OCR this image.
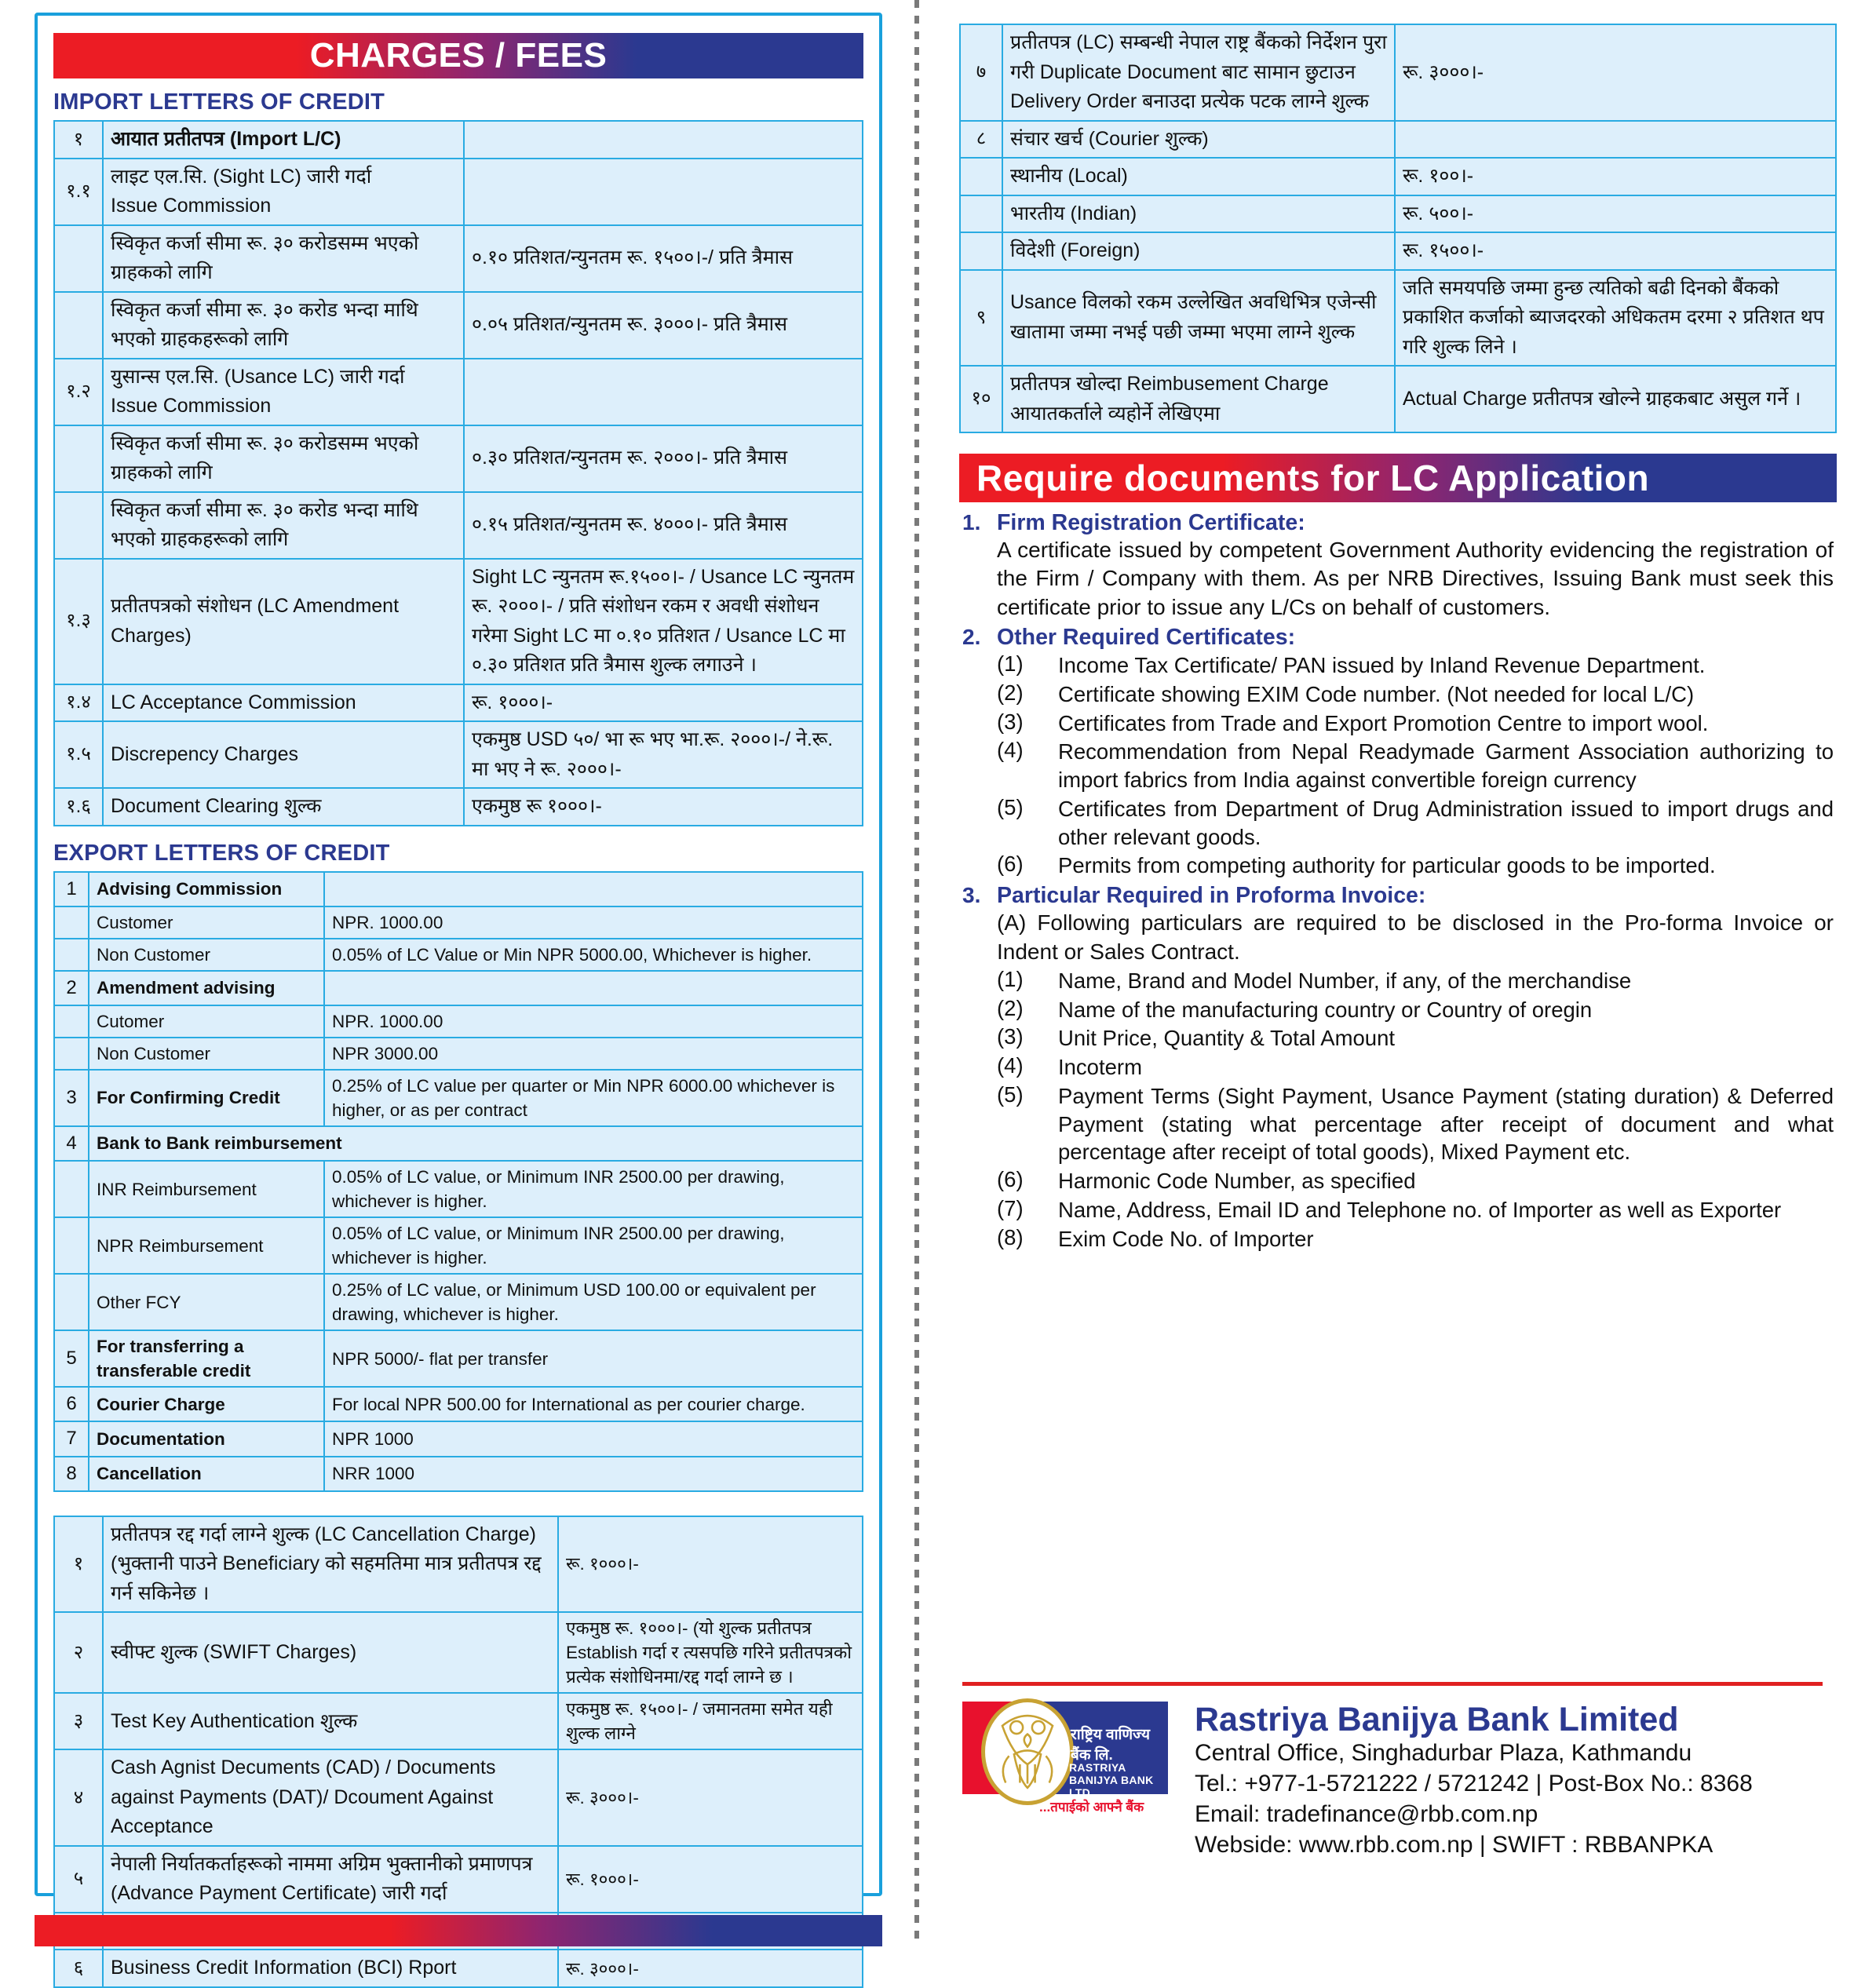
CHARGES / FEES
IMPORT LETTERS OF CREDIT
१	आयात प्रतीतपत्र (Import L/C)	
१.१	लाइट एल.सि. (Sight LC) जारी गर्दा
Issue Commission	
	स्विकृत कर्जा सीमा रू. ३० करोडसम्म भएको ग्राहकको लागि	०.१० प्रतिशत/न्युनतम रू. १५००।-/ प्रति त्रैमास
	स्विकृत कर्जा सीमा रू. ३० करोड भन्दा माथि भएको ग्राहकहरूको लागि	०.०५ प्रतिशत/न्युनतम रू. ३०००।- प्रति त्रैमास
१.२	युसान्स एल.सि. (Usance LC) जारी गर्दा
Issue Commission	
	स्विकृत कर्जा सीमा रू. ३० करोडसम्म भएको ग्राहकको लागि	०.३० प्रतिशत/न्युनतम रू. २०००।- प्रति त्रैमास
	स्विकृत कर्जा सीमा रू. ३० करोड भन्दा माथि भएको ग्राहकहरूको लागि	०.१५ प्रतिशत/न्युनतम रू. ४०००।- प्रति त्रैमास
१.३	प्रतीतपत्रको संशोधन (LC Amendment Charges)	Sight LC न्युनतम रू.१५००।- / Usance LC न्युनतम रू. २०००।- / प्रति संशोधन रकम र अवधी संशोधन गरेमा Sight LC मा ०.१० प्रतिशत / Usance LC मा ०.३० प्रतिशत प्रति त्रैमास शुल्क लगाउने ।
१.४	LC Acceptance Commission	रू. १०००।-
१.५	Discrepency Charges	एकमुष्ठ USD ५०/ भा रू भए भा.रू. २०००।-/ ने.रू. मा भए ने रू. २०००।-
१.६	Document Clearing शुल्क	एकमुष्ठ रू १०००।-
EXPORT LETTERS OF CREDIT
1	Advising Commission	
	Customer	NPR. 1000.00
	Non Customer	0.05% of LC Value or Min NPR 5000.00, Whichever is higher.
2	Amendment advising	
	Cutomer	NPR. 1000.00
	Non Customer	NPR 3000.00
3	For Confirming Credit	0.25% of LC value per quarter or Min NPR 6000.00 whichever is higher, or as per contract
4	Bank to Bank reimbursement	
	INR Reimbursement	0.05% of LC value, or Minimum INR 2500.00 per drawing, whichever is higher.
	NPR Reimbursement	0.05% of LC value, or Minimum INR 2500.00 per drawing, whichever is higher.
	Other FCY	0.25% of LC value, or Minimum USD 100.00 or equivalent per drawing, whichever is higher.
5	For transferring a transferable credit	NPR 5000/- flat per transfer
6	Courier Charge	For local NPR 500.00 for International as per courier charge.
7	Documentation	NPR 1000
8	Cancellation	NRR 1000
१	प्रतीतपत्र रद्द गर्दा लाग्ने शुल्क (LC Cancellation Charge) (भुक्तानी पाउने Beneficiary को सहमतिमा मात्र प्रतीतपत्र रद्द गर्न सकिनेछ ।	रू. १०००।-
२	स्वीफ्ट शुल्क (SWIFT Charges)	एकमुष्ठ रू. १०००।- (यो शुल्क प्रतीतपत्र Establish गर्दा र त्यसपछि गरिने प्रतीतपत्रको प्रत्येक संशोधिनमा/रद्द गर्दा लाग्ने छ ।
३	Test Key Authentication शुल्क	एकमुष्ठ रू. १५००।- / जमानतमा समेत यही शुल्क लाग्ने
४	Cash Agnist Decuments (CAD) / Documents against Payments (DAT)/ Dcoument Against Acceptance	रू. ३०००।-
५	नेपाली निर्यातकर्ताहरूको नाममा अग्रिम भुक्तानीको प्रमाणपत्र (Advance Payment Certificate) जारी गर्दा	रू. १०००।-

६	Business Credit Information (BCI) Rport	रू. ३०००।-
७	प्रतीतपत्र (LC) सम्बन्धी नेपाल राष्ट्र बैंकको निर्देशन पुरा गरी Duplicate Document बाट सामान छुटाउन Delivery Order बनाउदा प्रत्येक पटक लाग्ने शुल्क	रू. ३०००।-
८	संचार खर्च (Courier शुल्क)	
	स्थानीय (Local)	रू. १००।-
	भारतीय (Indian)	रू. ५००।-
	विदेशी (Foreign)	रू. १५००।-
९	Usance विलको रकम उल्लेखित अवधिभित्र एजेन्सी खातामा जम्मा नभई पछी जम्मा भएमा लाग्ने शुल्क	जति समयपछि जम्मा हुन्छ त्यतिको बढी दिनको बैंकको प्रकाशित कर्जाको ब्याजदरको अधिकतम दरमा २ प्रतिशत थप गरि शुल्क लिने ।
१०	प्रतीतपत्र खोल्दा Reimbusement Charge आयातकर्ताले व्यहोर्ने लेखिएमा	Actual Charge प्रतीतपत्र खोल्ने ग्राहकबाट असुल गर्ने ।
Require documents for LC Application
1. Firm Registration Certificate:
A certificate issued by competent Government Authority evidencing the registration of the Firm / Company with them. As per NRB Directives, Issuing Bank must seek this certificate prior to issue any L/Cs on behalf of customers.
2. Other Required Certificates:
(1)	Income Tax Certificate/ PAN issued by Inland Revenue Department.
(2)	Certificate showing EXIM Code number. (Not needed for local L/C)
(3)	Certificates from Trade and Export Promotion Centre to import wool.
(4)	Recommendation from Nepal Readymade Garment Association authorizing to import fabrics from India against convertible foreign currency
(5)	Certificates from Department of Drug Administration issued to import drugs and other relevant goods.
(6)	Permits from competing authority for particular goods to be imported.
3. Particular Required in Proforma Invoice:
(A) Following particulars are required to be disclosed in the Pro-forma Invoice or Indent or Sales Contract.
(1)	Name, Brand and Model Number, if any, of the merchandise
(2)	Name of the manufacturing country or Country of oregin
(3)	Unit Price, Quantity & Total Amount
(4)	Incoterm
(5)	Payment Terms (Sight Payment, Usance Payment (stating duration) & Deferred Payment (stating what percentage after receipt of document and what percentage after receipt of total goods), Mixed Payment etc.
(6)	Harmonic Code Number, as specified
(7)	Name, Address, Email ID and Telephone no. of Importer as well as Exporter
(8)	Exim Code No. of Importer
राष्ट्रिय वाणिज्य बैंक लि.
RASTRIYA BANIJYA BANK LTD .
...तपाईको आफ्नै बैंक
Rastriya Banijya Bank Limited
Central Office, Singhadurbar Plaza, Kathmandu
Tel.: +977-1-5721222 / 5721242 | Post-Box No.: 8368
Email: tradefinance@rbb.com.np
Webside: www.rbb.com.np | SWIFT : RBBANPKA
